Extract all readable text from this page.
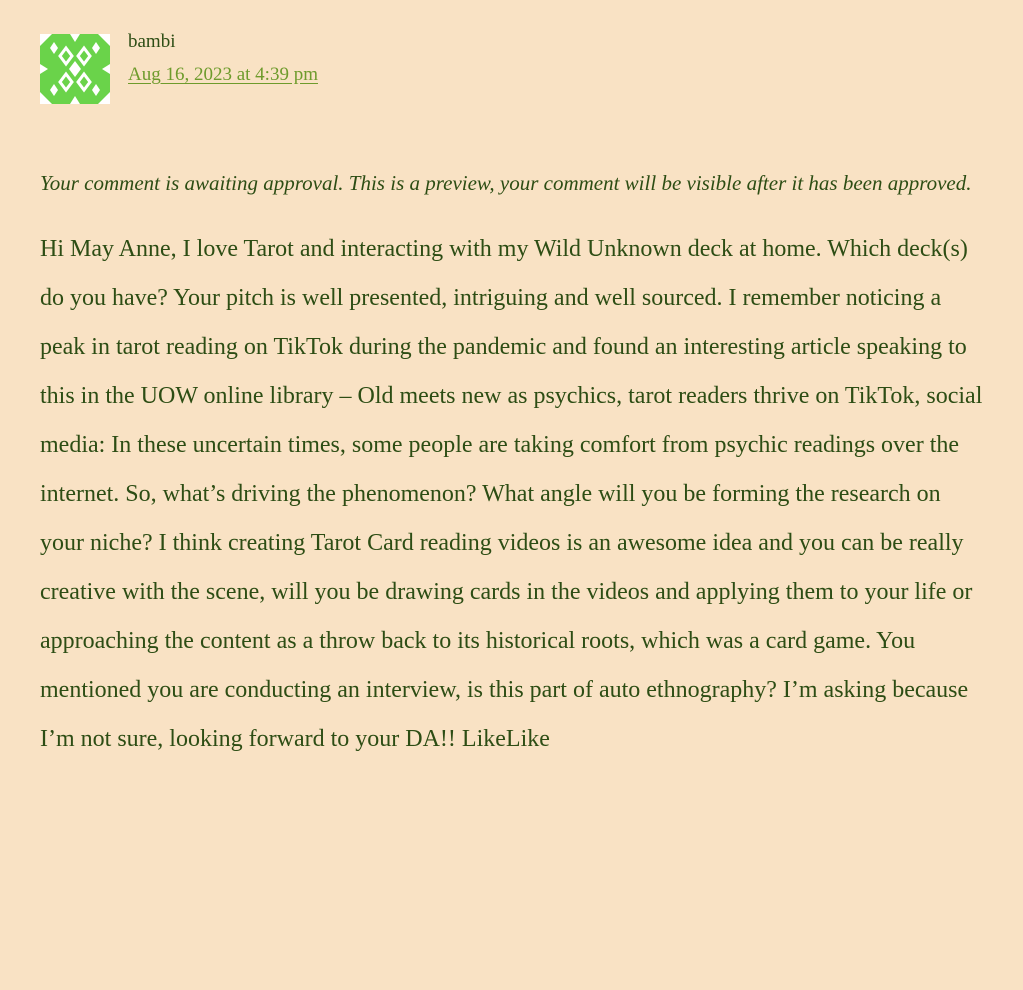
bambi
Aug 16, 2023 at 4:39 pm

Your comment is awaiting approval. This is a preview, your comment will be visible after it has been approved.

Hi May Anne, I love Tarot and interacting with my Wild Unknown deck at home. Which deck(s) do you have? Your pitch is well presented, intriguing and well sourced. I remember noticing a peak in tarot reading on TikTok during the pandemic and found an interesting article speaking to this in the UOW online library – Old meets new as psychics, tarot readers thrive on TikTok, social media: In these uncertain times, some people are taking comfort from psychic readings over the internet. So, what’s driving the phenomenon? What angle will you be forming the research on your niche? I think creating Tarot Card reading videos is an awesome idea and you can be really creative with the scene, will you be drawing cards in the videos and applying them to your life or approaching the content as a throw back to its historical roots, which was a card game. You mentioned you are conducting an interview, is this part of auto ethnography? I’m asking because I’m not sure, looking forward to your DA!! LikeLike
